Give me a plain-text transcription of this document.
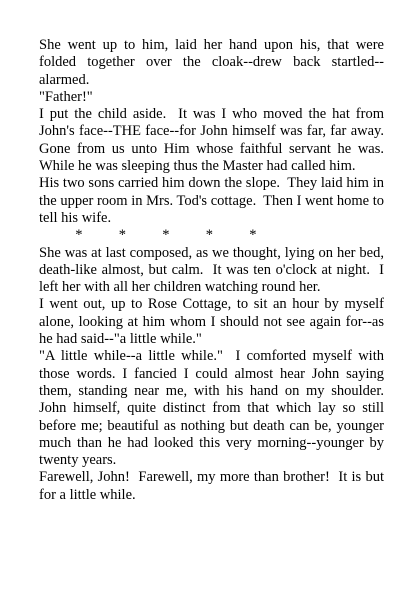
She went up to him, laid her hand upon his, that were folded together over the cloak--drew back startled--alarmed.

"Father!"

I put the child aside.  It was I who moved the hat from John's face--THE face--for John himself was far, far away.  Gone from us unto Him whose faithful servant he was.  While he was sleeping thus the Master had called him.

His two sons carried him down the slope.  They laid him in the upper room in Mrs. Tod's cottage.  Then I went home to tell his wife.

*          *          *          *          *

She was at last composed, as we thought, lying on her bed, death-like almost, but calm.  It was ten o'clock at night.  I left her with all her children watching round her.

I went out, up to Rose Cottage, to sit an hour by myself alone, looking at him whom I should not see again for--as he had said--"a little while."

"A little while--a little while."  I comforted myself with those words. I fancied I could almost hear John saying them, standing near me, with his hand on my shoulder.  John himself, quite distinct from that which lay so still before me; beautiful as nothing but death can be, younger much than he had looked this very morning--younger by twenty years.

Farewell, John!  Farewell, my more than brother!  It is but for a little while.
